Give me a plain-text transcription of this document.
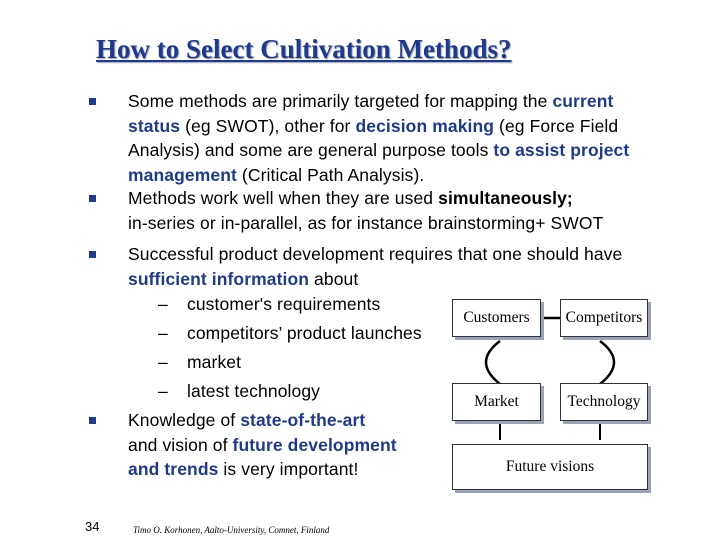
How to Select Cultivation Methods?
Some methods are primarily targeted for mapping the current
status (eg SWOT), other for decision making (eg Force Field
Analysis) and some are general purpose tools to assist project
management (Critical Path Analysis).
Methods work well when they are used simultaneously;
in-series or in-parallel, as for instance brainstorming+ SWOT
Successful product development requires that one should have
sufficient information about
– customer's requirements
– competitors’ product launches
– market
– latest technology
Knowledge of state-of-the-art
and vision of future development
and trends is very important!
Customers Competitors
Market	Technology
Future visions
34	Timo O. Korhonen, Aalto-University, Comnet, Finland
